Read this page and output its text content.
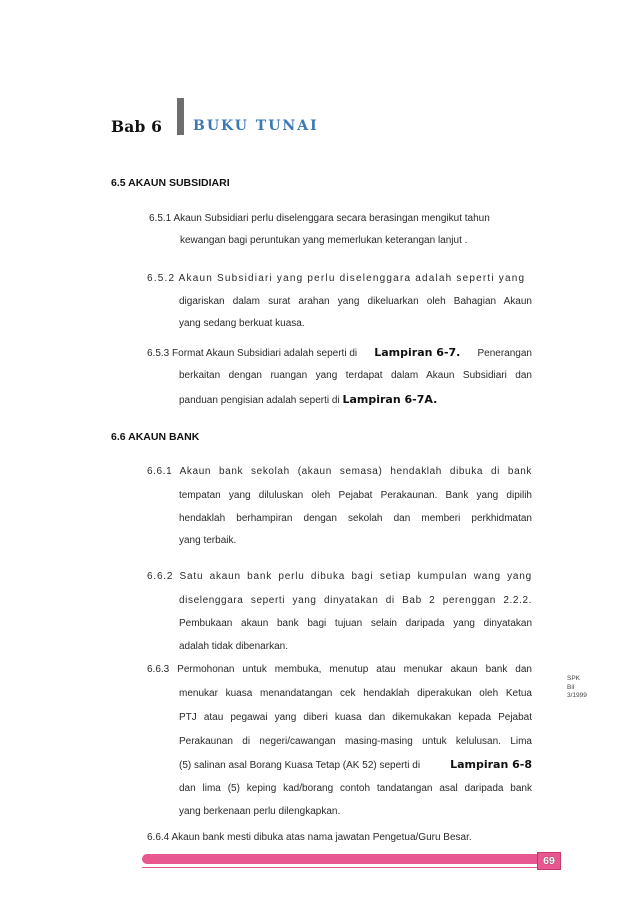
Bab 6 BUKU TUNAI
6.5 AKAUN SUBSIDIARI
6.5.1 Akaun Subsidiari perlu diselenggara secara berasingan mengikut tahun
kewangan bagi peruntukan yang memerlukan keterangan lanjut .
6.5.2 Akaun Subsidiari yang perlu diselenggara adalah seperti yang
digariskan dalam surat arahan yang dikeluarkan oleh Bahagian Akaun
yang sedang berkuat kuasa.
6.5.3 Format Akaun Subsidiari adalah seperti di Lampiran 6-7. Penerangan
berkaitan dengan ruangan yang terdapat dalam Akaun Subsidiari dan
panduan pengisian adalah seperti di Lampiran 6-7A.
6.6 AKAUN BANK
6.6.1 Akaun bank sekolah (akaun semasa) hendaklah dibuka di bank
tempatan yang diluluskan oleh Pejabat Perakaunan. Bank yang dipilih
hendaklah berhampiran dengan sekolah dan memberi perkhidmatan
yang terbaik.
6.6.2 Satu akaun bank perlu dibuka bagi setiap kumpulan wang yang
diselenggara seperti yang dinyatakan di Bab 2 perenggan 2.2.2.
Pembukaan akaun bank bagi tujuan selain daripada yang dinyatakan
adalah tidak dibenarkan.
6.6.3 Permohonan untuk membuka, menutup atau menukar akaun bank dan
menukar kuasa menandatangan cek hendaklah diperakukan oleh Ketua
PTJ atau pegawai yang diberi kuasa dan dikemukakan kepada Pejabat
Perakaunan di negeri/cawangan masing-masing untuk kelulusan. Lima
(5) salinan asal Borang Kuasa Tetap (AK 52) seperti di	Lampiran 6-8
dan lima (5) keping kad/borang contoh tandatangan asal daripada bank
yang berkenaan perlu dilengkapkan.
6.6.4 Akaun bank mesti dibuka atas nama jawatan Pengetua/Guru Besar.
SPK
Bil
3/1999
69
